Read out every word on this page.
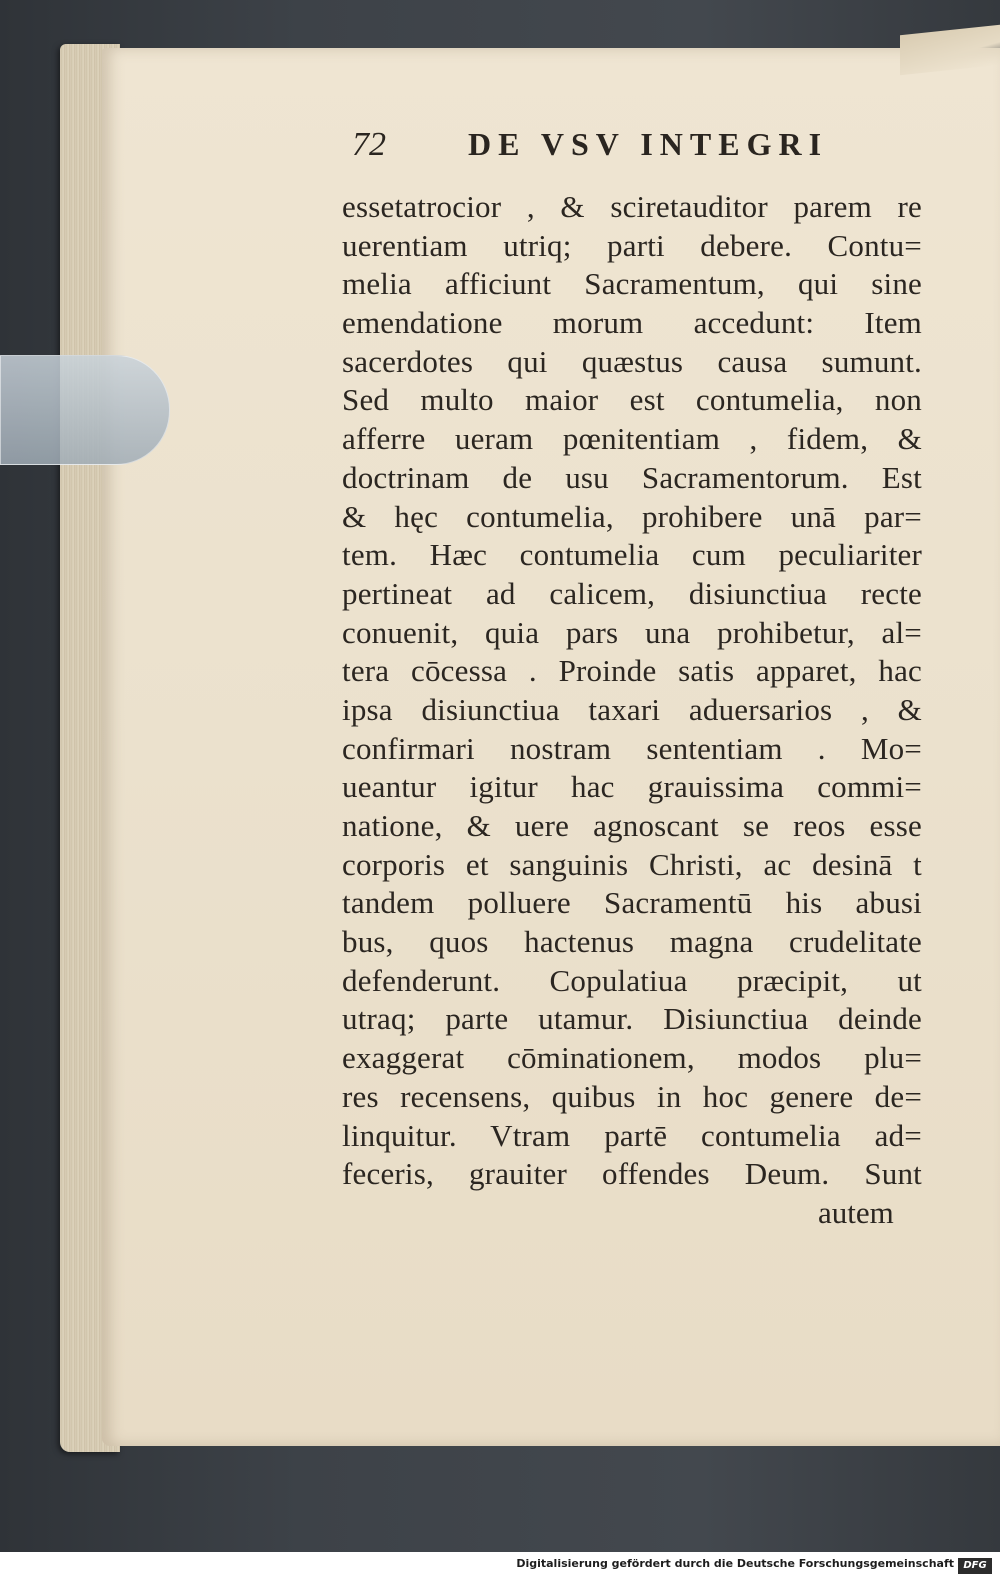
72	DE VSV INTEGRI
essetatrocior , & sciretauditor parem re
uerentiam utriq; parti debere. Contu=
melia afficiunt Sacramentum, qui sine
emendatione morum accedunt: Item
sacerdotes qui quæstus causa sumunt.
Sed multo maior est contumelia, non
afferre ueram pœnitentiam , fidem, &
doctrinam de usu Sacramentorum. Est
& hęc contumelia, prohibere unā par=
tem. Hæc contumelia cum peculiariter
pertineat ad calicem, disiunctiua recte
conuenit, quia pars una prohibetur, al=
tera cōcessa . Proinde satis apparet, hac
ipsa disiunctiua taxari aduersarios , &
confirmari nostram sententiam . Mo=
ueantur igitur hac grauissima commi=
natione, & uere agnoscant se reos esse
corporis et sanguinis Christi, ac desinā t
tandem polluere Sacramentū his abusi
bus, quos hactenus magna crudelitate
defenderunt. Copulatiua præcipit, ut
utraq; parte utamur. Disiunctiua deinde
exaggerat cōminationem, modos plu=
res recensens, quibus in hoc genere de=
linquitur. Vtram partē contumelia ad=
feceris, grauiter offendes Deum. Sunt
autem
Digitalisierung gefördert durch die Deutsche Forschungsgemeinschaft DFG
